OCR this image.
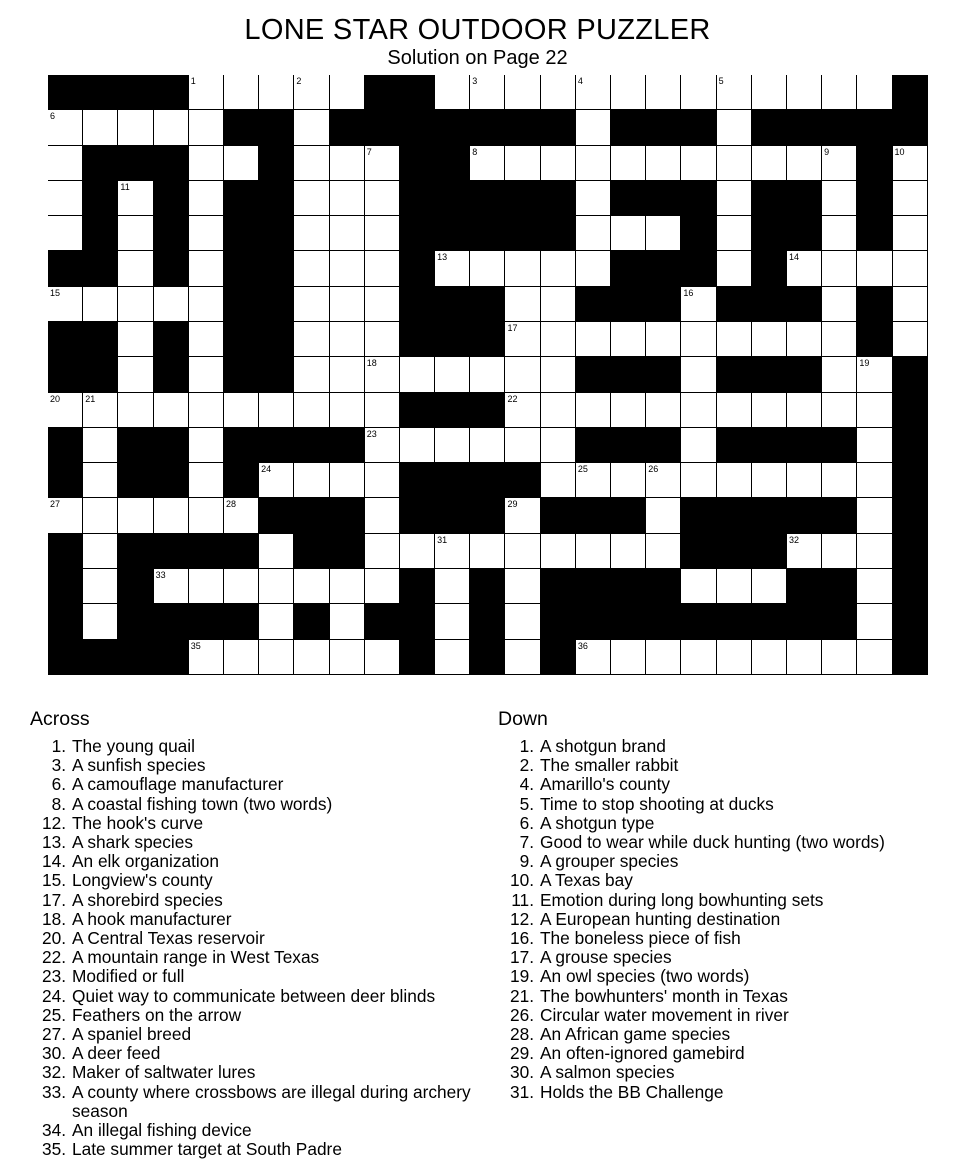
LONE STAR OUTDOOR PUZZLER
Solution on Page 22
1	2	3	4	5
6
7	8	9	10
11
13	14
15	16
17
18	19
20	21	22
23
24	25	26
27	28	29
31	32
33
35	36
Across
1 . The young quail
3 . A sunfish species
6 . A camouflage manufacturer
8 . A coastal fishing town (two words)
12 . The hook's curve
13 . A shark species
14 . An elk organization
15 . Longview's county
17 . A shorebird species
18 . A hook manufacturer
20 . A Central Texas reservoir
22 . A mountain range in West Texas
23 . Modified or full
24 . Quiet way to communicate between deer blinds
25 . Feathers on the arrow
27 . A spaniel breed
30 . A deer feed
32 . Maker of saltwater lures
33 . A county where crossbows are illegal during archery season
34 . An illegal fishing device
35 . Late summer target at South Padre
Down
1 . A shotgun brand
2 . The smaller rabbit
4 . Amarillo's county
5 . Time to stop shooting at ducks
6 . A shotgun type
7 . Good to wear while duck hunting (two words)
9 . A grouper species
10 . A Texas bay
11 . Emotion during long bowhunting sets
12 . A European hunting destination
16 . The boneless piece of fish
17 . A grouse species
19 . An owl species (two words)
21 . The bowhunters' month in Texas
26 . Circular water movement in river
28 . An African game species
29 . An often-ignored gamebird
30 . A salmon species
31 . Holds the BB Challenge
